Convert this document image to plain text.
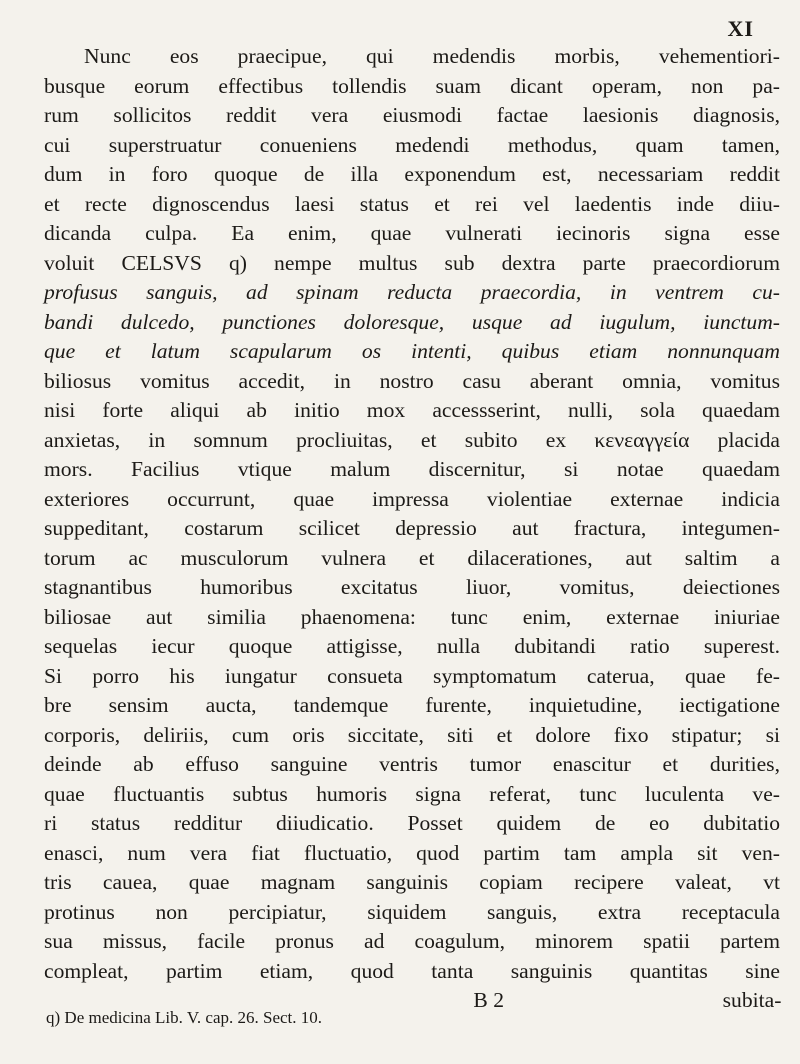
XI
Nunc eos praecipue, qui medendis morbis, vehementiori-
busque eorum effectibus tollendis suam dicant operam, non pa-
rum sollicitos reddit vera eiusmodi factae laesionis diagnosis,
cui superstruatur conueniens medendi methodus, quam tamen,
dum in foro quoque de illa exponendum est, necessariam reddit
et recte dignoscendus laesi status et rei vel laedentis inde diiu-
dicanda culpa. Ea enim, quae vulnerati iecinoris signa esse
voluit CELSVS q) nempe multus sub dextra parte praecordiorum
profusus sanguis, ad spinam reducta praecordia, in ventrem cu-
bandi dulcedo, punctiones doloresque, usque ad iugulum, iunctum-
que et latum scapularum os intenti, quibus etiam nonnunquam
biliosus vomitus accedit, in nostro casu aberant omnia, vomitus
nisi forte aliqui ab initio mox accessserint, nulli, sola quaedam
anxietas, in somnum procliuitas, et subito ex κενεαγγεία placida
mors. Facilius vtique malum discernitur, si notae quaedam
exteriores occurrunt, quae impressa violentiae externae indicia
suppeditant, costarum scilicet depressio aut fractura, integumen-
torum ac musculorum vulnera et dilacerationes, aut saltim a
stagnantibus humoribus excitatus liuor, vomitus, deiectiones
biliosae aut similia phaenomena: tunc enim, externae iniuriae
sequelas iecur quoque attigisse, nulla dubitandi ratio superest.
Si porro his iungatur consueta symptomatum caterua, quae fe-
bre sensim aucta, tandemque furente, inquietudine, iectigatione
corporis, deliriis, cum oris siccitate, siti et dolore fixo stipatur; si
deinde ab effuso sanguine ventris tumor enascitur et durities,
quae fluctuantis subtus humoris signa referat, tunc luculenta ve-
ri status redditur diiudicatio. Posset quidem de eo dubitatio
enasci, num vera fiat fluctuatio, quod partim tam ampla sit ven-
tris cauea, quae magnam sanguinis copiam recipere valeat, vt
protinus non percipiatur, siquidem sanguis, extra receptacula
sua missus, facile pronus ad coagulum, minorem spatii partem
compleat, partim etiam, quod tanta sanguinis quantitas sine
B 2	subita-
q) De medicina Lib. V. cap. 26. Sect. 10.
